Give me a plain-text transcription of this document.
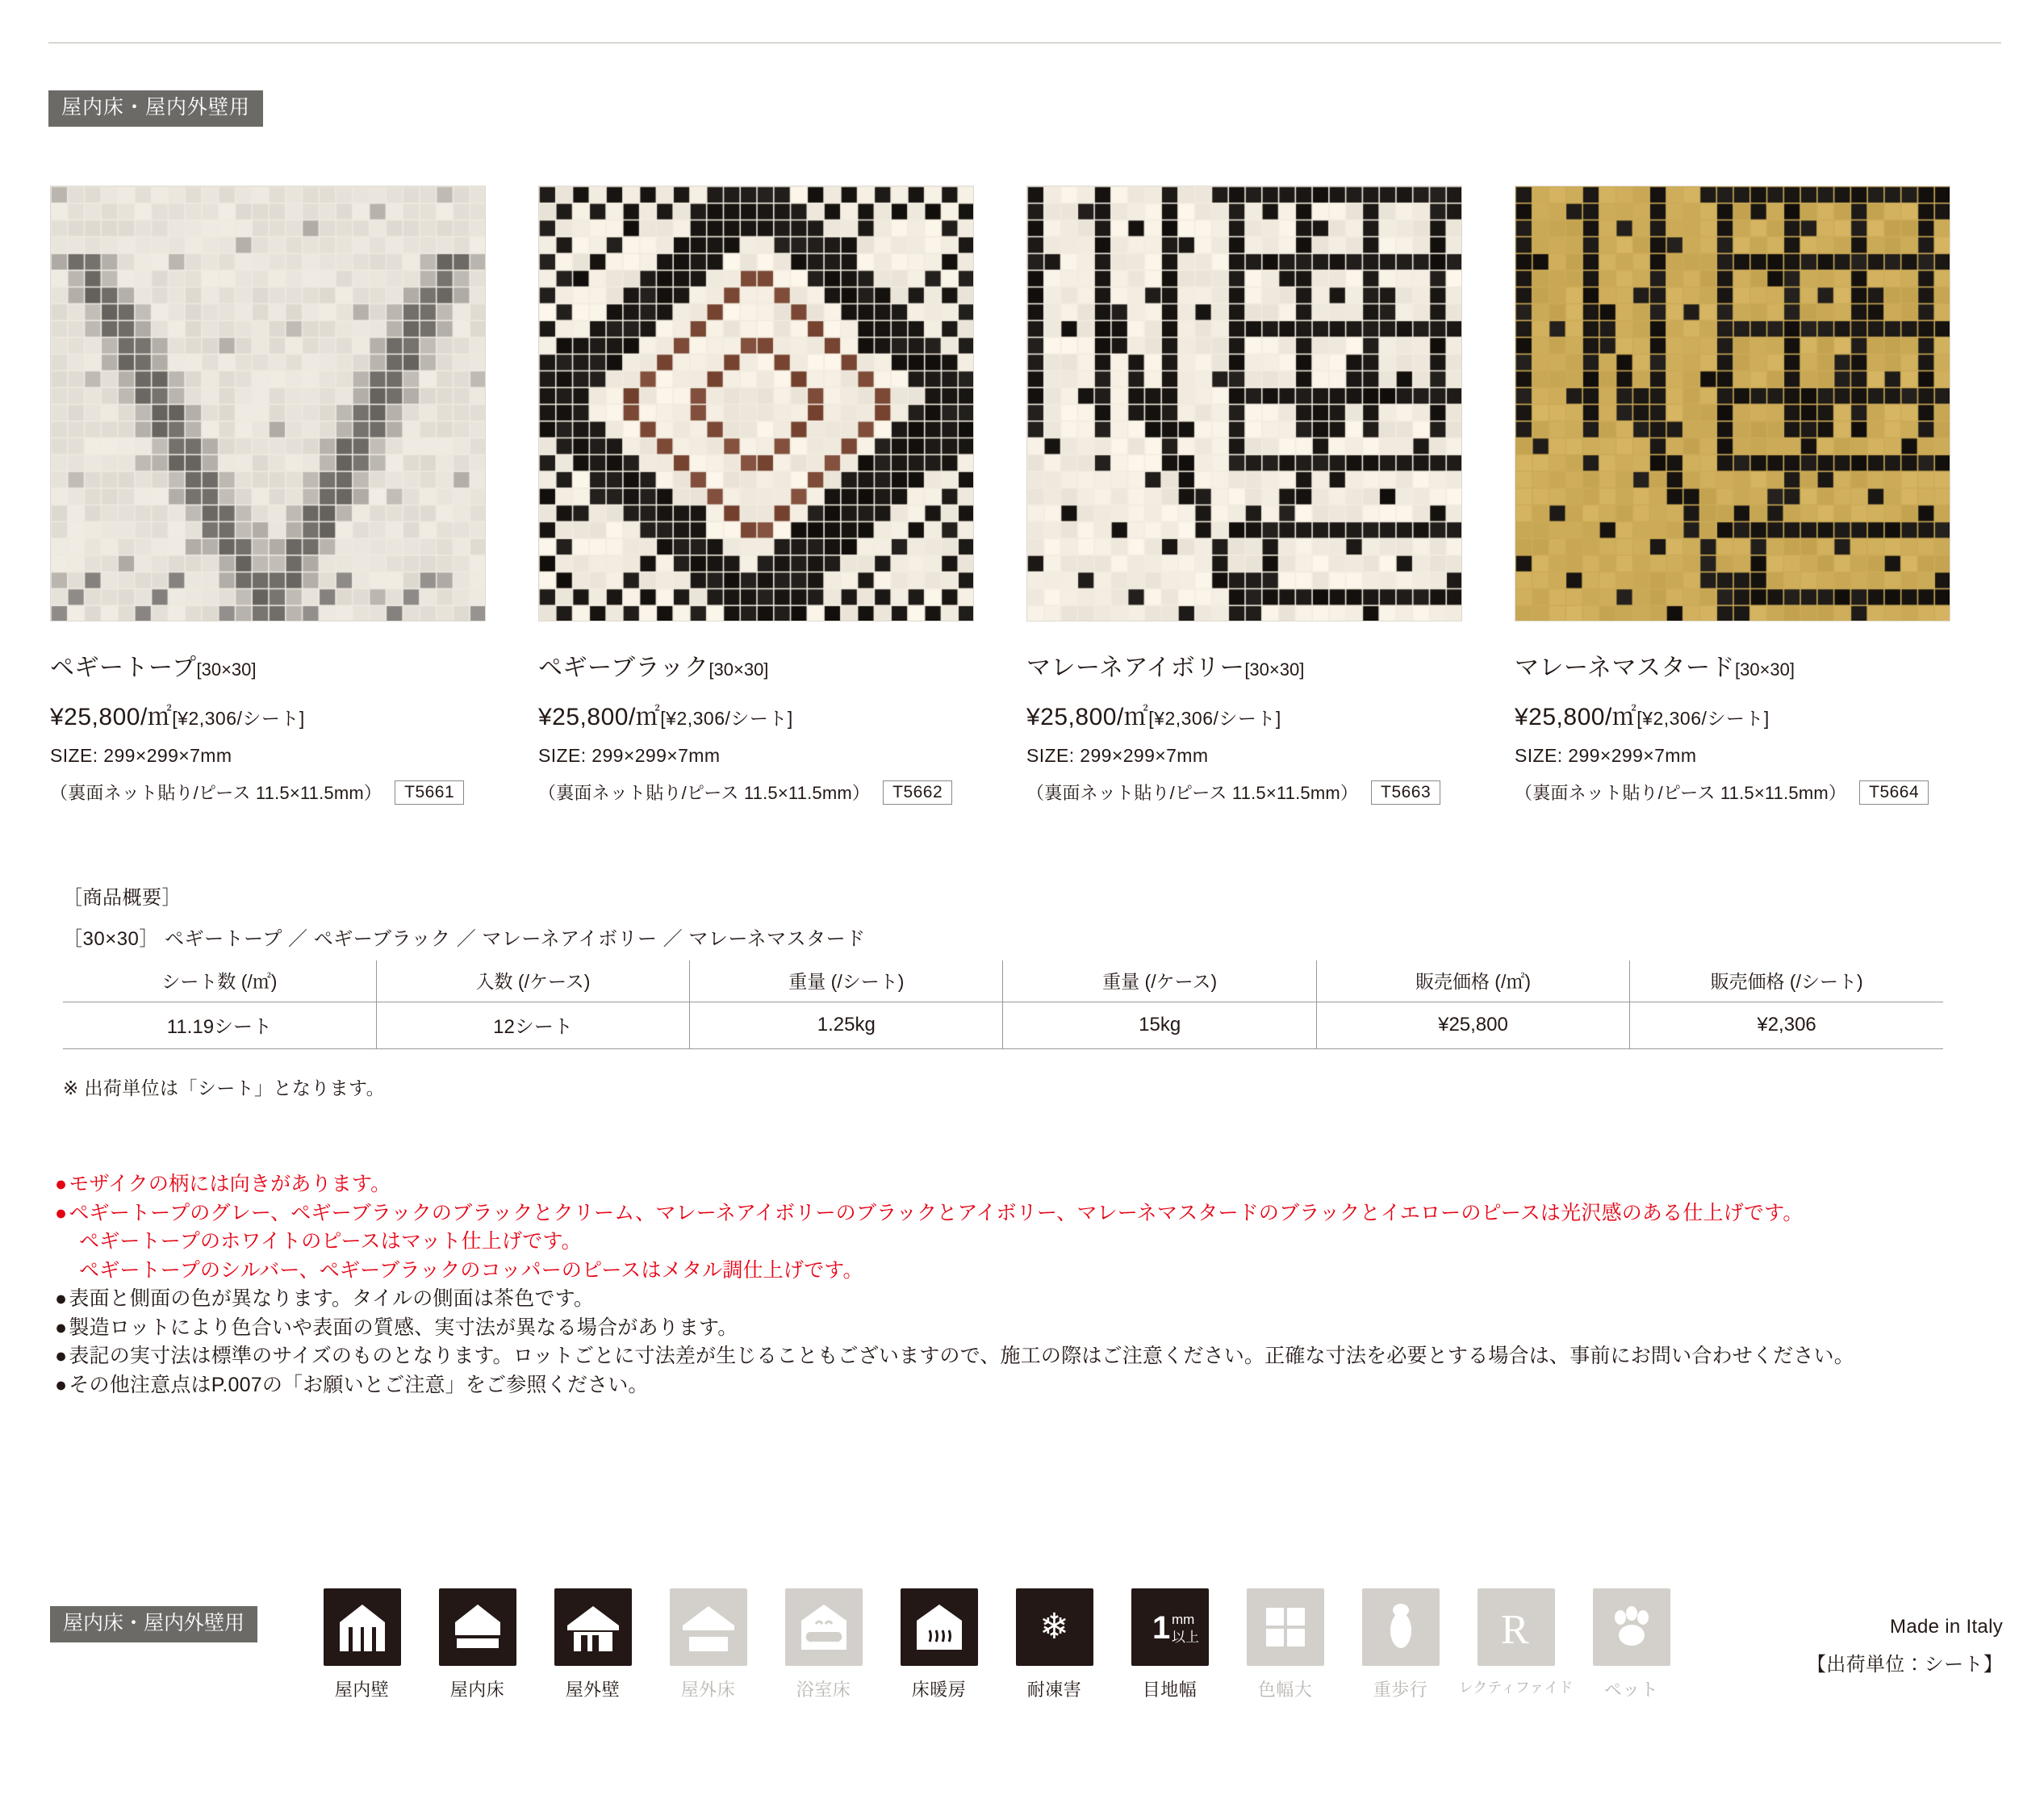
屋内床・屋内外壁用
ペギートープ[30×30]
¥25,800/㎡[¥2,306/シート]
SIZE: 299×299×7mm
（裏面ネット貼り/ピース 11.5×11.5mm）	T5661
ペギーブラック[30×30]
¥25,800/㎡[¥2,306/シート]
SIZE: 299×299×7mm
（裏面ネット貼り/ピース 11.5×11.5mm）	T5662
マレーネアイボリー[30×30]
¥25,800/㎡[¥2,306/シート]
SIZE: 299×299×7mm
（裏面ネット貼り/ピース 11.5×11.5mm）	T5663
マレーネマスタード[30×30]
¥25,800/㎡[¥2,306/シート]
SIZE: 299×299×7mm
（裏面ネット貼り/ピース 11.5×11.5mm）	T5664
［商品概要］
［30×30］ ペギートープ ／ ペギーブラック ／ マレーネアイボリー ／ マレーネマスタード
シート数 (/㎡)	入数 (/ケース)	重量 (/シート)	重量 (/ケース)	販売価格 (/㎡)	販売価格 (/シート)
11.19シート	12シート	1.25kg	15kg	¥25,800	¥2,306
※ 出荷単位は「シート」となります。
● モザイクの柄には向きがあります。
● ペギートープのグレー、ペギーブラックのブラックとクリーム、マレーネアイボリーのブラックとアイボリー、マレーネマスタードのブラックとイエローのピースは光沢感のある仕上げです。
ペギートープのホワイトのピースはマット仕上げです。
ペギートープのシルバー、ペギーブラックのコッパーのピースはメタル調仕上げです。
● 表面と側面の色が異なります。タイルの側面は茶色です。
● 製造ロットにより色合いや表面の質感、実寸法が異なる場合があります。
● 表記の実寸法は標準のサイズのものとなります。ロットごとに寸法差が生じることもございますので、施工の際はご注意ください。正確な寸法を必要とする場合は、事前にお問い合わせください。
● その他注意点はP.007の「お願いとご注意」をご参照ください。
屋内床・屋内外壁用
屋内壁	屋内床	屋外壁	屋外床	浴室床	床暖房
❄
耐凍害
1 mm
以上
目地幅	色幅大	重歩行
R
レクティファイド	ペット
Made in Italy
【出荷単位：シート】
